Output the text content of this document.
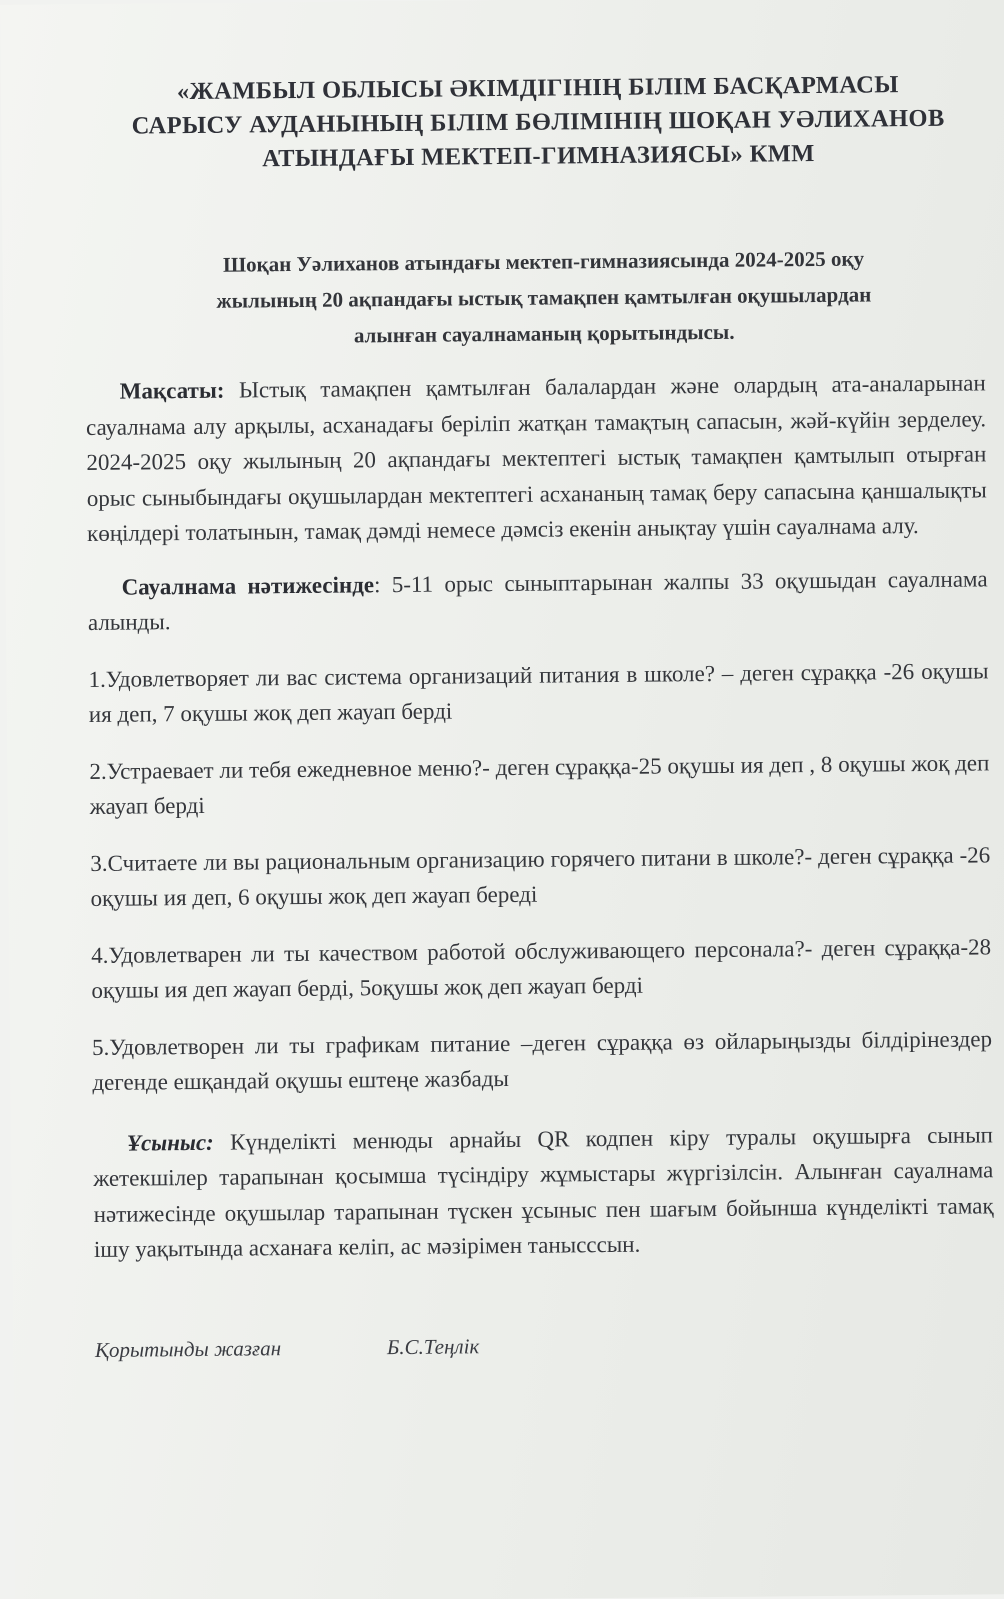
«ЖАМБЫЛ ОБЛЫСЫ ӘКІМДІГІНІҢ БІЛІМ БАСҚАРМАСЫ
САРЫСУ АУДАНЫНЫҢ БІЛІМ БӨЛІМІНІҢ ШОҚАН УӘЛИХАНОВ
АТЫНДАҒЫ МЕКТЕП-ГИМНАЗИЯСЫ» КММ
Шоқан Уәлиханов атындағы мектеп-гимназиясында 2024-2025 оқу
жылының 20 ақпандағы ыстық тамақпен қамтылған оқушылардан
алынған сауалнаманың қорытындысы.

Мақсаты: Ыстық тамақпен қамтылған балалардан және олардың ата-аналарынан сауалнама алу арқылы, асханадағы беріліп жатқан тамақтың сапасын, жәй-күйін зерделеу. 2024-2025 оқу жылының 20 ақпандағы мектептегі ыстық тамақпен қамтылып отырған орыс сыныбындағы оқушылардан мектептегі асхананың тамақ беру сапасына қаншалықты көңілдері толатынын, тамақ дәмді немесе дәмсіз екенін анықтау үшін сауалнама алу.

Сауалнама нәтижесінде: 5-11 орыс сыныптарынан жалпы 33 оқушыдан сауалнама алынды.

1.Удовлетворяет ли вас система организаций питания в школе? – деген сұраққа -26 оқушы ия деп, 7 оқушы жоқ деп жауап берді

2.Устраевает ли тебя ежедневное меню?- деген сұраққа-25 оқушы ия деп , 8 оқушы жоқ деп жауап берді

3.Считаете ли вы рациональным организацию горячего питани в школе?- деген сұраққа -26 оқушы ия деп, 6 оқушы жоқ деп жауап береді

4.Удовлетварен ли ты качеством работой обслуживающего персонала?- деген сұраққа-28 оқушы ия деп жауап берді, 5оқушы жоқ деп жауап берді

5.Удовлетворен ли ты графикам питание –деген сұраққа өз ойларыңызды білдірінездер дегенде ешқандай оқушы ештеңе жазбады

Ұсыныс: Күнделікті менюды арнайы QR кодпен кіру туралы оқушырға сынып жетекшілер тарапынан қосымша түсіндіру жұмыстары жүргізілсін. Алынған сауалнама нәтижесінде оқушылар тарапынан түскен ұсыныс пен шағым бойынша күнделікті тамақ ішу уақытында асханаға келіп, ас мәзірімен танысссын.

Қорытынды жазған	Б.С.Теңлік
